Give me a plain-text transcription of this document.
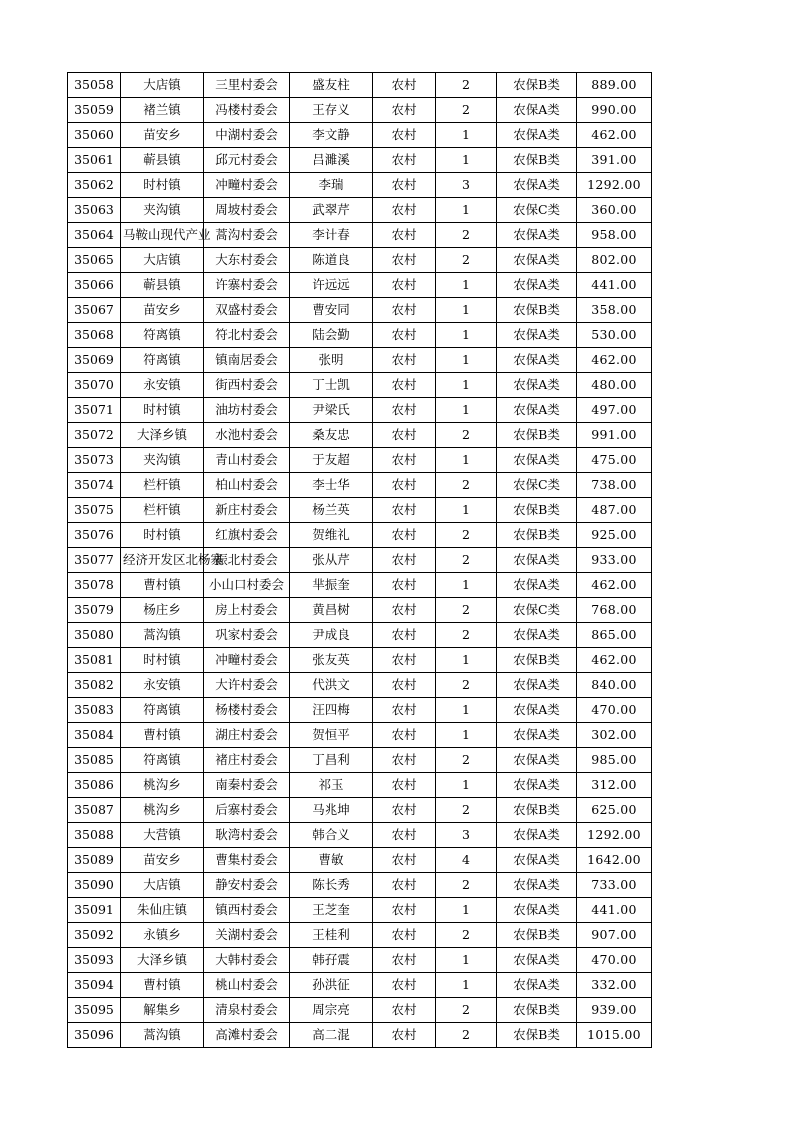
35058	大店镇	三里村委会	盛友柱	农村	2	农保B类	889.00
35059	褚兰镇	冯楼村委会	王存义	农村	2	农保A类	990.00
35060	苗安乡	中湖村委会	李文静	农村	1	农保A类	462.00
35061	蕲县镇	邱元村委会	吕濉溪	农村	1	农保B类	391.00
35062	时村镇	冲疃村委会	李瑞	农村	3	农保A类	1292.00
35063	夹沟镇	周坡村委会	武翠芹	农村	1	农保C类	360.00
35064	马鞍山现代产业	蒿沟村委会	李计春	农村	2	农保A类	958.00
35065	大店镇	大东村委会	陈道良	农村	2	农保A类	802.00
35066	蕲县镇	许寨村委会	许远远	农村	1	农保A类	441.00
35067	苗安乡	双盛村委会	曹安同	农村	1	农保B类	358.00
35068	符离镇	符北村委会	陆会勤	农村	1	农保A类	530.00
35069	符离镇	镇南居委会	张明	农村	1	农保A类	462.00
35070	永安镇	街西村委会	丁士凯	农村	1	农保A类	480.00
35071	时村镇	油坊村委会	尹梁氏	农村	1	农保A类	497.00
35072	大泽乡镇	水池村委会	桑友忠	农村	2	农保B类	991.00
35073	夹沟镇	青山村委会	于友超	农村	1	农保A类	475.00
35074	栏杆镇	柏山村委会	李士华	农村	2	农保C类	738.00
35075	栏杆镇	新庄村委会	杨兰英	农村	1	农保B类	487.00
35076	时村镇	红旗村委会	贺维礼	农村	2	农保B类	925.00
35077	经济开发区北杨寨	振北村委会	张从芹	农村	2	农保A类	933.00
35078	曹村镇	小山口村委会	芈振奎	农村	1	农保A类	462.00
35079	杨庄乡	房上村委会	黄昌树	农村	2	农保C类	768.00
35080	蒿沟镇	巩家村委会	尹成良	农村	2	农保A类	865.00
35081	时村镇	冲疃村委会	张友英	农村	1	农保B类	462.00
35082	永安镇	大许村委会	代洪文	农村	2	农保A类	840.00
35083	符离镇	杨楼村委会	汪四梅	农村	1	农保A类	470.00
35084	曹村镇	湖庄村委会	贺恒平	农村	1	农保A类	302.00
35085	符离镇	褚庄村委会	丁昌利	农村	2	农保A类	985.00
35086	桃沟乡	南秦村委会	祁玉	农村	1	农保A类	312.00
35087	桃沟乡	后寨村委会	马兆坤	农村	2	农保B类	625.00
35088	大营镇	耿湾村委会	韩合义	农村	3	农保A类	1292.00
35089	苗安乡	曹集村委会	曹敏	农村	4	农保A类	1642.00
35090	大店镇	静安村委会	陈长秀	农村	2	农保A类	733.00
35091	朱仙庄镇	镇西村委会	王芝奎	农村	1	农保A类	441.00
35092	永镇乡	关湖村委会	王桂利	农村	2	农保B类	907.00
35093	大泽乡镇	大韩村委会	韩孖震	农村	1	农保A类	470.00
35094	曹村镇	桃山村委会	孙洪征	农村	1	农保A类	332.00
35095	解集乡	清泉村委会	周宗亮	农村	2	农保B类	939.00
35096	蒿沟镇	高滩村委会	高二混	农村	2	农保B类	1015.00
